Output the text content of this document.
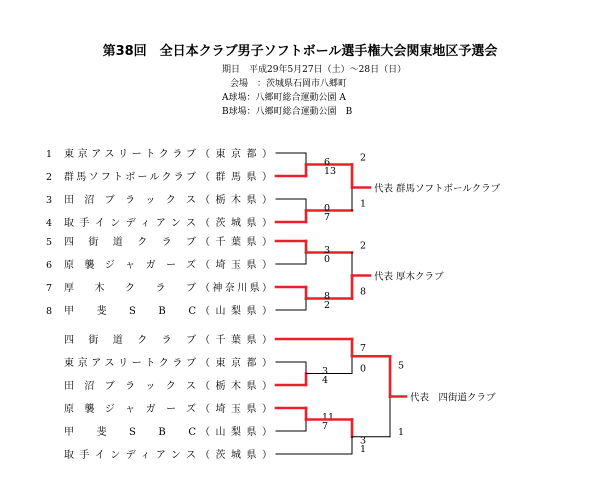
第38回　全日本クラブ男子ソフトボール選手権大会関東地区予選会
期日　平成29年5月27日（土）～28日（日）
会場　：茨城県石岡市八郷町
A球場：八郷町総合運動公園 A
B球場：八郷町総合運動公園　B
1 東京アスリートクラブ （東京都）
2 群馬ソフトボールクラブ （群馬県）
3 田沼ブラックス （栃木県）
4 取手インディアンス （茨城県）
6
13
0
7
2
1
代表 群馬ソフトボールクラブ
5 四街道クラブ （千葉県）
6 原襲ジャガーズ （埼玉県）
7 厚木クラブ （神奈川県）
8 甲斐SBC （山梨県）
3
0
8
2
2
8
代表 厚木クラブ
四街道クラブ （千葉県）
東京アスリートクラブ （東京都）
田沼ブラックス （栃木県）
原襲ジャガーズ （埼玉県）
甲斐SBC （山梨県）
取手インディアンス （茨城県）
3
4
11
7
7
0
3
1
5
1
代表　四街道クラブ
